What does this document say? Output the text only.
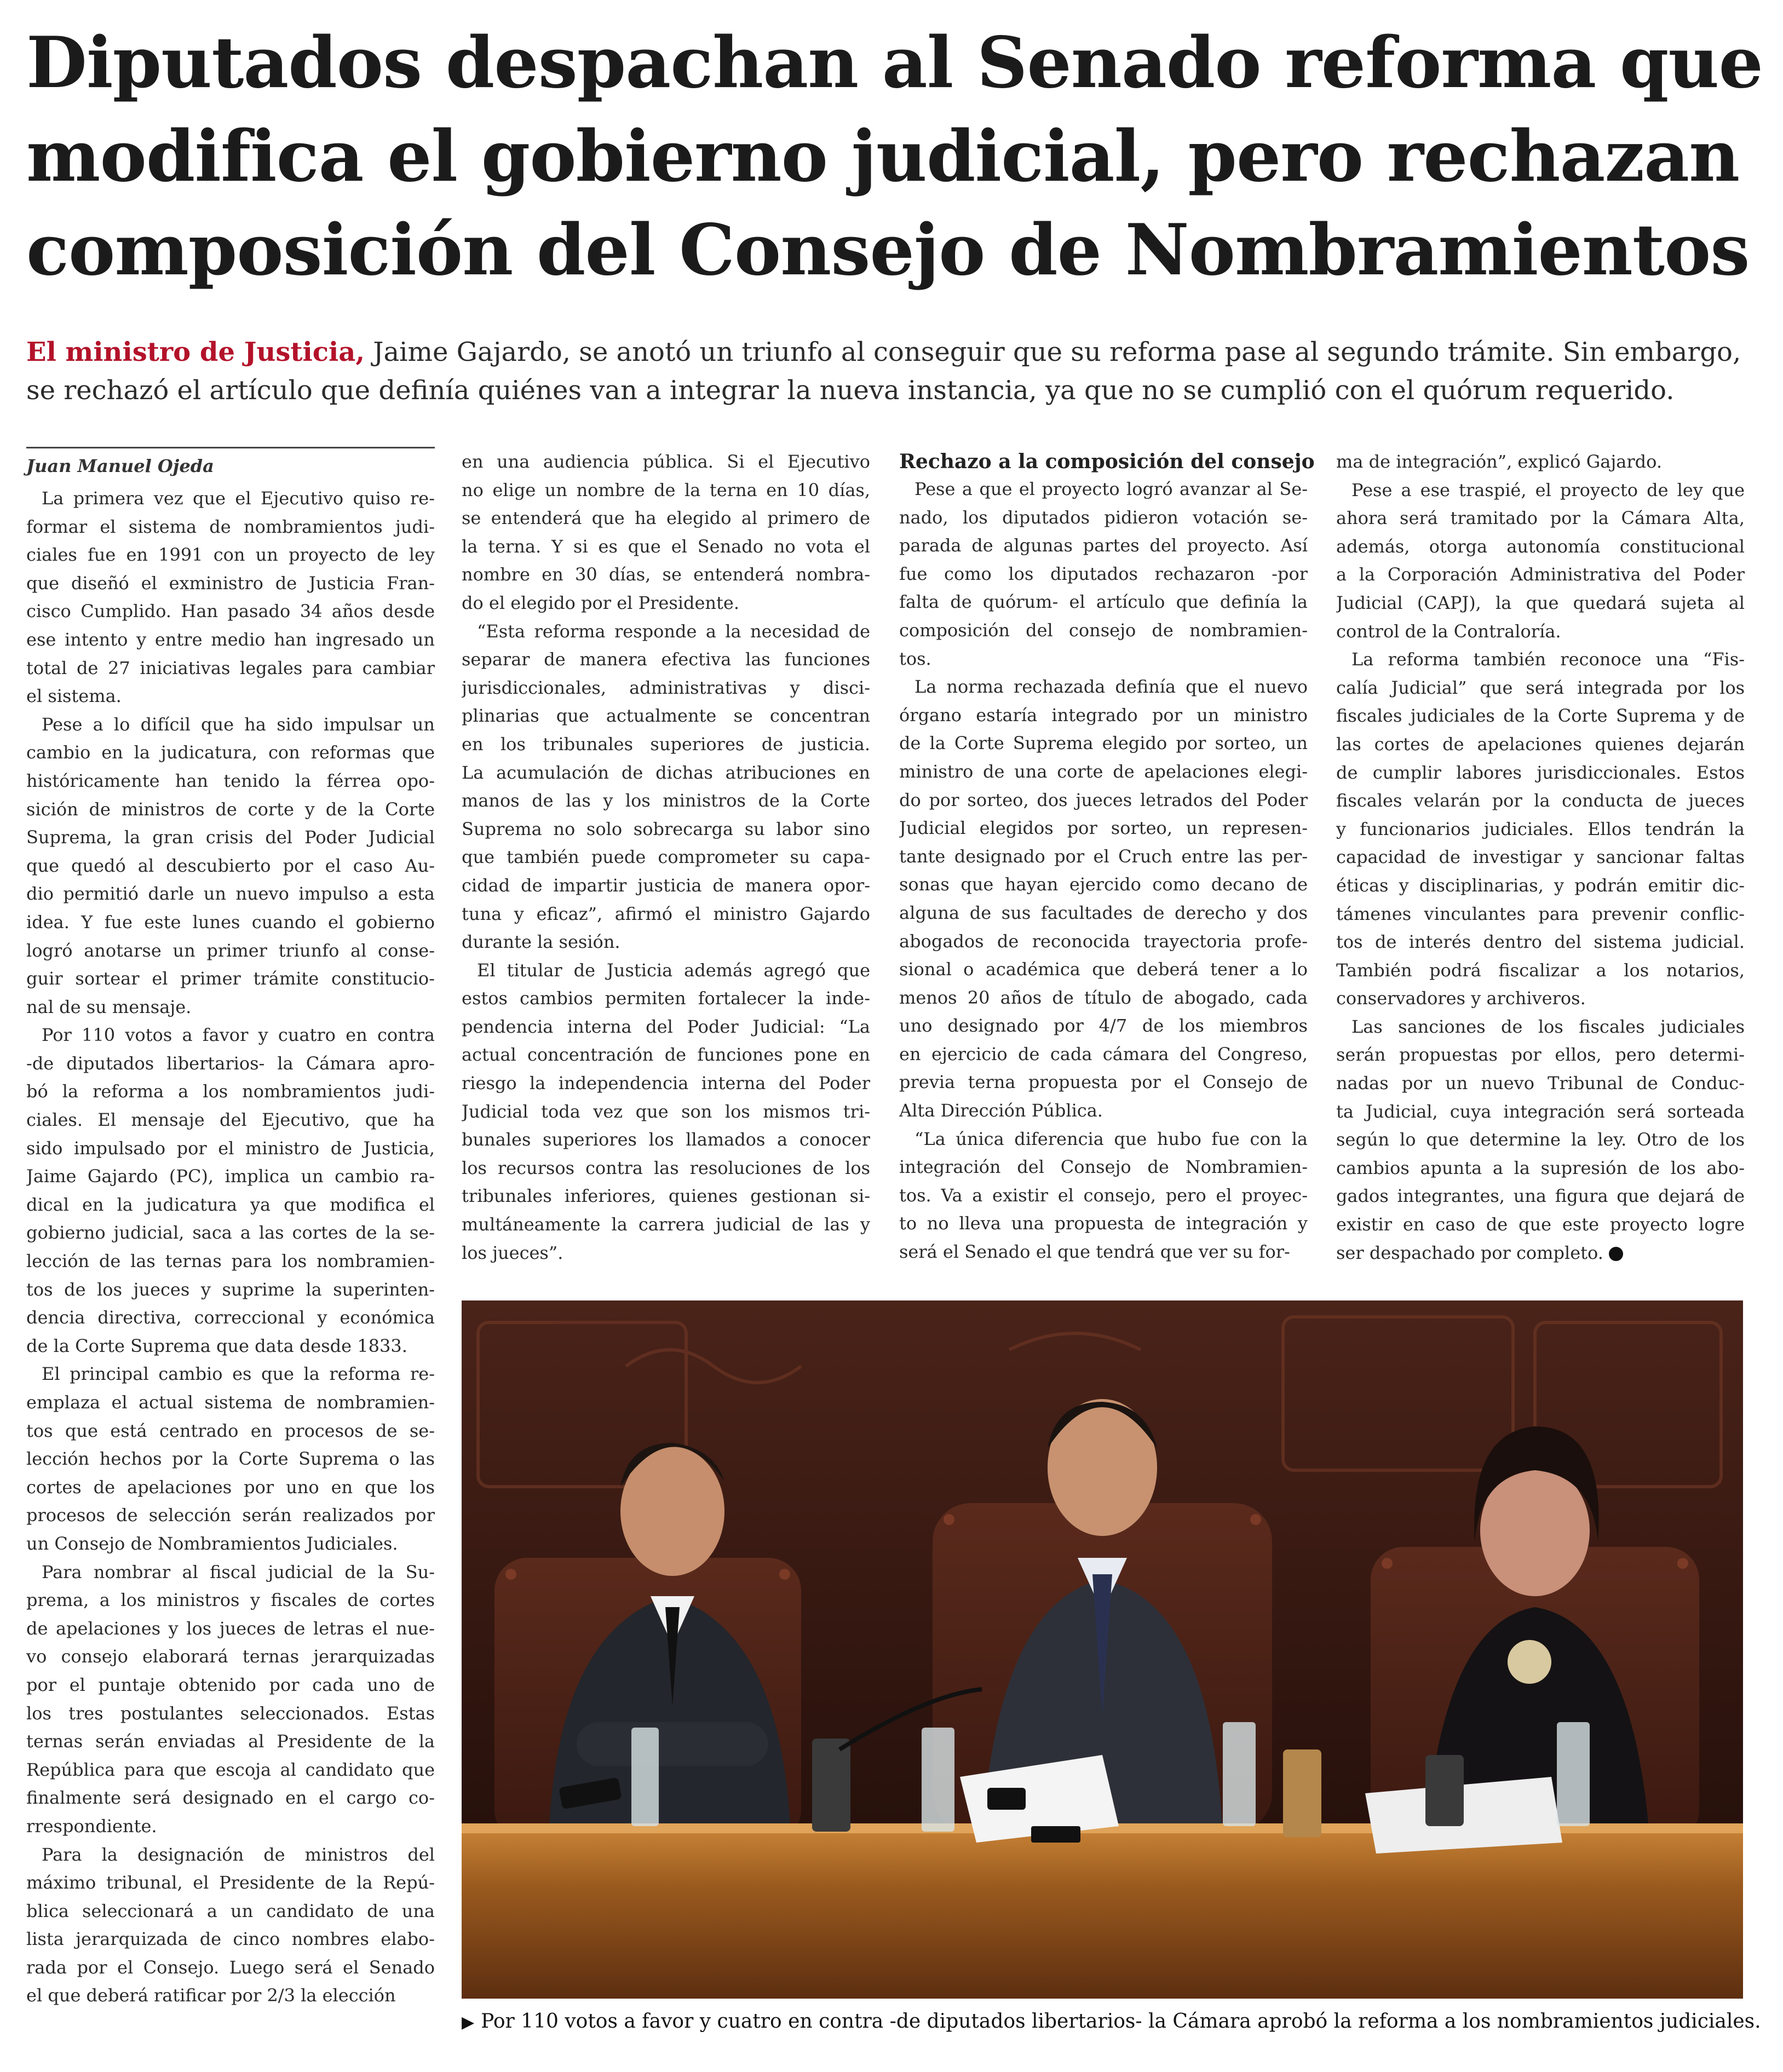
Diputados despachan al Senado reforma que
modifica el gobierno judicial, pero rechazan
composición del Consejo de Nombramientos
El ministro de Justicia, Jaime Gajardo, se anotó un triunfo al conseguir que su reforma pase al segundo trámite. Sin embargo,
se rechazó el artículo que definía quiénes van a integrar la nueva instancia, ya que no se cumplió con el quórum requerido.
Juan Manuel Ojeda
La primera vez que el Ejecutivo quiso re-
formar el sistema de nombramientos judi-
ciales fue en 1991 con un proyecto de ley
que diseñó el exministro de Justicia Fran-
cisco Cumplido. Han pasado 34 años desde
ese intento y entre medio han ingresado un
total de 27 iniciativas legales para cambiar
el sistema.
Pese a lo difícil que ha sido impulsar un
cambio en la judicatura, con reformas que
históricamente han tenido la férrea opo-
sición de ministros de corte y de la Corte
Suprema, la gran crisis del Poder Judicial
que quedó al descubierto por el caso Au-
dio permitió darle un nuevo impulso a esta
idea. Y fue este lunes cuando el gobierno
logró anotarse un primer triunfo al conse-
guir sortear el primer trámite constitucio-
nal de su mensaje.
Por 110 votos a favor y cuatro en contra
-de diputados libertarios- la Cámara apro-
bó la reforma a los nombramientos judi-
ciales. El mensaje del Ejecutivo, que ha
sido impulsado por el ministro de Justicia,
Jaime Gajardo (PC), implica un cambio ra-
dical en la judicatura ya que modifica el
gobierno judicial, saca a las cortes de la se-
lección de las ternas para los nombramien-
tos de los jueces y suprime la superinten-
dencia directiva, correccional y económica
de la Corte Suprema que data desde 1833.
El principal cambio es que la reforma re-
emplaza el actual sistema de nombramien-
tos que está centrado en procesos de se-
lección hechos por la Corte Suprema o las
cortes de apelaciones por uno en que los
procesos de selección serán realizados por
un Consejo de Nombramientos Judiciales.
Para nombrar al fiscal judicial de la Su-
prema, a los ministros y fiscales de cortes
de apelaciones y los jueces de letras el nue-
vo consejo elaborará ternas jerarquizadas
por el puntaje obtenido por cada uno de
los tres postulantes seleccionados. Estas
ternas serán enviadas al Presidente de la
República para que escoja al candidato que
finalmente será designado en el cargo co-
rrespondiente.
Para la designación de ministros del
máximo tribunal, el Presidente de la Repú-
blica seleccionará a un candidato de una
lista jerarquizada de cinco nombres elabo-
rada por el Consejo. Luego será el Senado
el que deberá ratificar por 2/3 la elección
en una audiencia pública. Si el Ejecutivo
no elige un nombre de la terna en 10 días,
se entenderá que ha elegido al primero de
la terna. Y si es que el Senado no vota el
nombre en 30 días, se entenderá nombra-
do el elegido por el Presidente.
“Esta reforma responde a la necesidad de
separar de manera efectiva las funciones
jurisdiccionales, administrativas y disci-
plinarias que actualmente se concentran
en los tribunales superiores de justicia.
La acumulación de dichas atribuciones en
manos de las y los ministros de la Corte
Suprema no solo sobrecarga su labor sino
que también puede comprometer su capa-
cidad de impartir justicia de manera opor-
tuna y eficaz”, afirmó el ministro Gajardo
durante la sesión.
El titular de Justicia además agregó que
estos cambios permiten fortalecer la inde-
pendencia interna del Poder Judicial: “La
actual concentración de funciones pone en
riesgo la independencia interna del Poder
Judicial toda vez que son los mismos tri-
bunales superiores los llamados a conocer
los recursos contra las resoluciones de los
tribunales inferiores, quienes gestionan si-
multáneamente la carrera judicial de las y
los jueces”.
Rechazo a la composición del consejo
Pese a que el proyecto logró avanzar al Se-
nado, los diputados pidieron votación se-
parada de algunas partes del proyecto. Así
fue como los diputados rechazaron -por
falta de quórum- el artículo que definía la
composición del consejo de nombramien-
tos.
La norma rechazada definía que el nuevo
órgano estaría integrado por un ministro
de la Corte Suprema elegido por sorteo, un
ministro de una corte de apelaciones elegi-
do por sorteo, dos jueces letrados del Poder
Judicial elegidos por sorteo, un represen-
tante designado por el Cruch entre las per-
sonas que hayan ejercido como decano de
alguna de sus facultades de derecho y dos
abogados de reconocida trayectoria profe-
sional o académica que deberá tener a lo
menos 20 años de título de abogado, cada
uno designado por 4/7 de los miembros
en ejercicio de cada cámara del Congreso,
previa terna propuesta por el Consejo de
Alta Dirección Pública.
“La única diferencia que hubo fue con la
integración del Consejo de Nombramien-
tos. Va a existir el consejo, pero el proyec-
to no lleva una propuesta de integración y
será el Senado el que tendrá que ver su for-
ma de integración”, explicó Gajardo.
Pese a ese traspié, el proyecto de ley que
ahora será tramitado por la Cámara Alta,
además, otorga autonomía constitucional
a la Corporación Administrativa del Poder
Judicial (CAPJ), la que quedará sujeta al
control de la Contraloría.
La reforma también reconoce una “Fis-
calía Judicial” que será integrada por los
fiscales judiciales de la Corte Suprema y de
las cortes de apelaciones quienes dejarán
de cumplir labores jurisdiccionales. Estos
fiscales velarán por la conducta de jueces
y funcionarios judiciales. Ellos tendrán la
capacidad de investigar y sancionar faltas
éticas y disciplinarias, y podrán emitir dic-
támenes vinculantes para prevenir conflic-
tos de interés dentro del sistema judicial.
También podrá fiscalizar a los notarios,
conservadores y archiveros.
Las sanciones de los fiscales judiciales
serán propuestas por ellos, pero determi-
nadas por un nuevo Tribunal de Conduc-
ta Judicial, cuya integración será sorteada
según lo que determine la ley. Otro de los
cambios apunta a la supresión de los abo-
gados integrantes, una figura que dejará de
existir en caso de que este proyecto logre
ser despachado por completo.
▶ Por 110 votos a favor y cuatro en contra -de diputados libertarios- la Cámara aprobó la reforma a los nombramientos judiciales.
